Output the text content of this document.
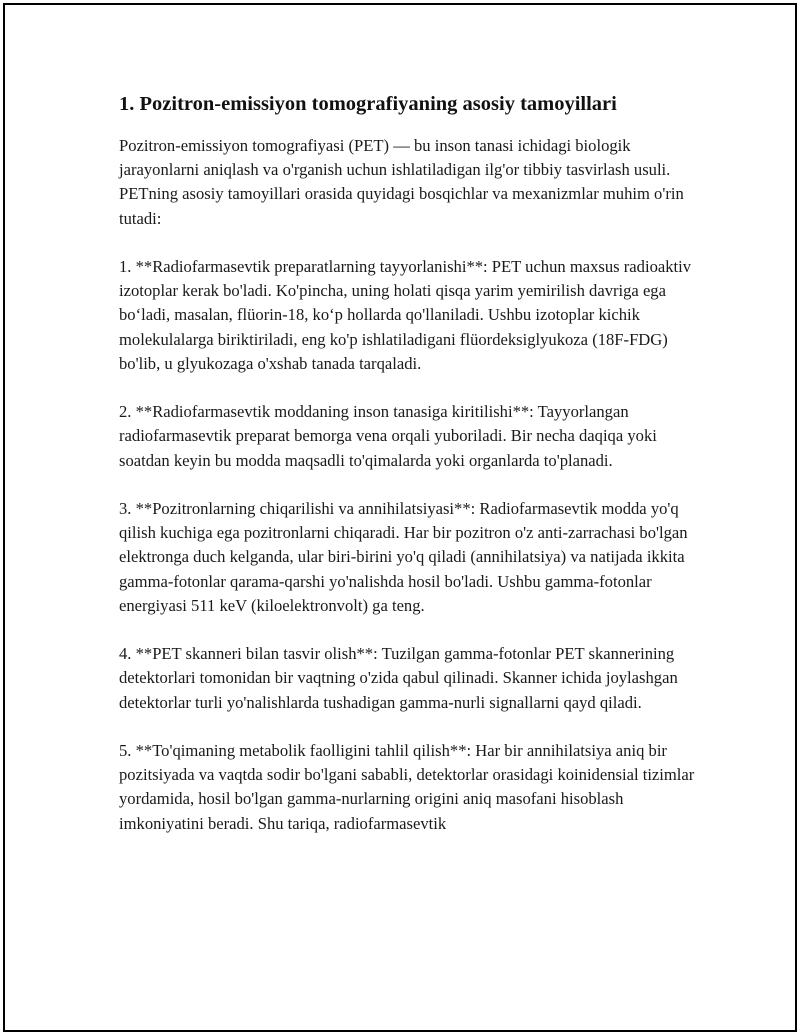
1. Pozitron-emissiyon tomografiyaning asosiy tamoyillari

Pozitron-emissiyon tomografiyasi (PET) — bu inson tanasi ichidagi biologik jarayonlarni aniqlash va o'rganish uchun ishlatiladigan ilg'or tibbiy tasvirlash usuli. PETning asosiy tamoyillari orasida quyidagi bosqichlar va mexanizmlar muhim o'rin tutadi:

1. **Radiofarmasevtik preparatlarning tayyorlanishi**: PET uchun maxsus radioaktiv izotoplar kerak bo'ladi. Ko'pincha, uning holati qisqa yarim yemirilish davriga ega bo‘ladi, masalan, flüorin-18, ko‘p hollarda qo'llaniladi. Ushbu izotoplar kichik molekulalarga biriktiriladi, eng ko'p ishlatiladigani flüordeksiglyukoza (18F-FDG) bo'lib, u glyukozaga o'xshab tanada tarqaladi.

2. **Radiofarmasevtik moddaning inson tanasiga kiritilishi**: Tayyorlangan radiofarmasevtik preparat bemorga vena orqali yuboriladi. Bir necha daqiqa yoki soatdan keyin bu modda maqsadli to'qimalarda yoki organlarda to'planadi.

3. **Pozitronlarning chiqarilishi va annihilatsiyasi**: Radiofarmasevtik modda yo'q qilish kuchiga ega pozitronlarni chiqaradi. Har bir pozitron o'z anti-zarrachasi bo'lgan elektronga duch kelganda, ular biri-birini yo'q qiladi (annihilatsiya) va natijada ikkita gamma-fotonlar qarama-qarshi yo'nalishda hosil bo'ladi. Ushbu gamma-fotonlar energiyasi 511 keV (kiloelektronvolt) ga teng.

4. **PET skanneri bilan tasvir olish**: Tuzilgan gamma-fotonlar PET skannerining detektorlari tomonidan bir vaqtning o'zida qabul qilinadi. Skanner ichida joylashgan detektorlar turli yo'nalishlarda tushadigan gamma-nurli signallarni qayd qiladi.

5. **To'qimaning metabolik faolligini tahlil qilish**: Har bir annihilatsiya aniq bir pozitsiyada va vaqtda sodir bo'lgani sababli, detektorlar orasidagi koinidensial tizimlar yordamida, hosil bo'lgan gamma-nurlarning origini aniq masofani hisoblash imkoniyatini beradi. Shu tariqa, radiofarmasevtik
